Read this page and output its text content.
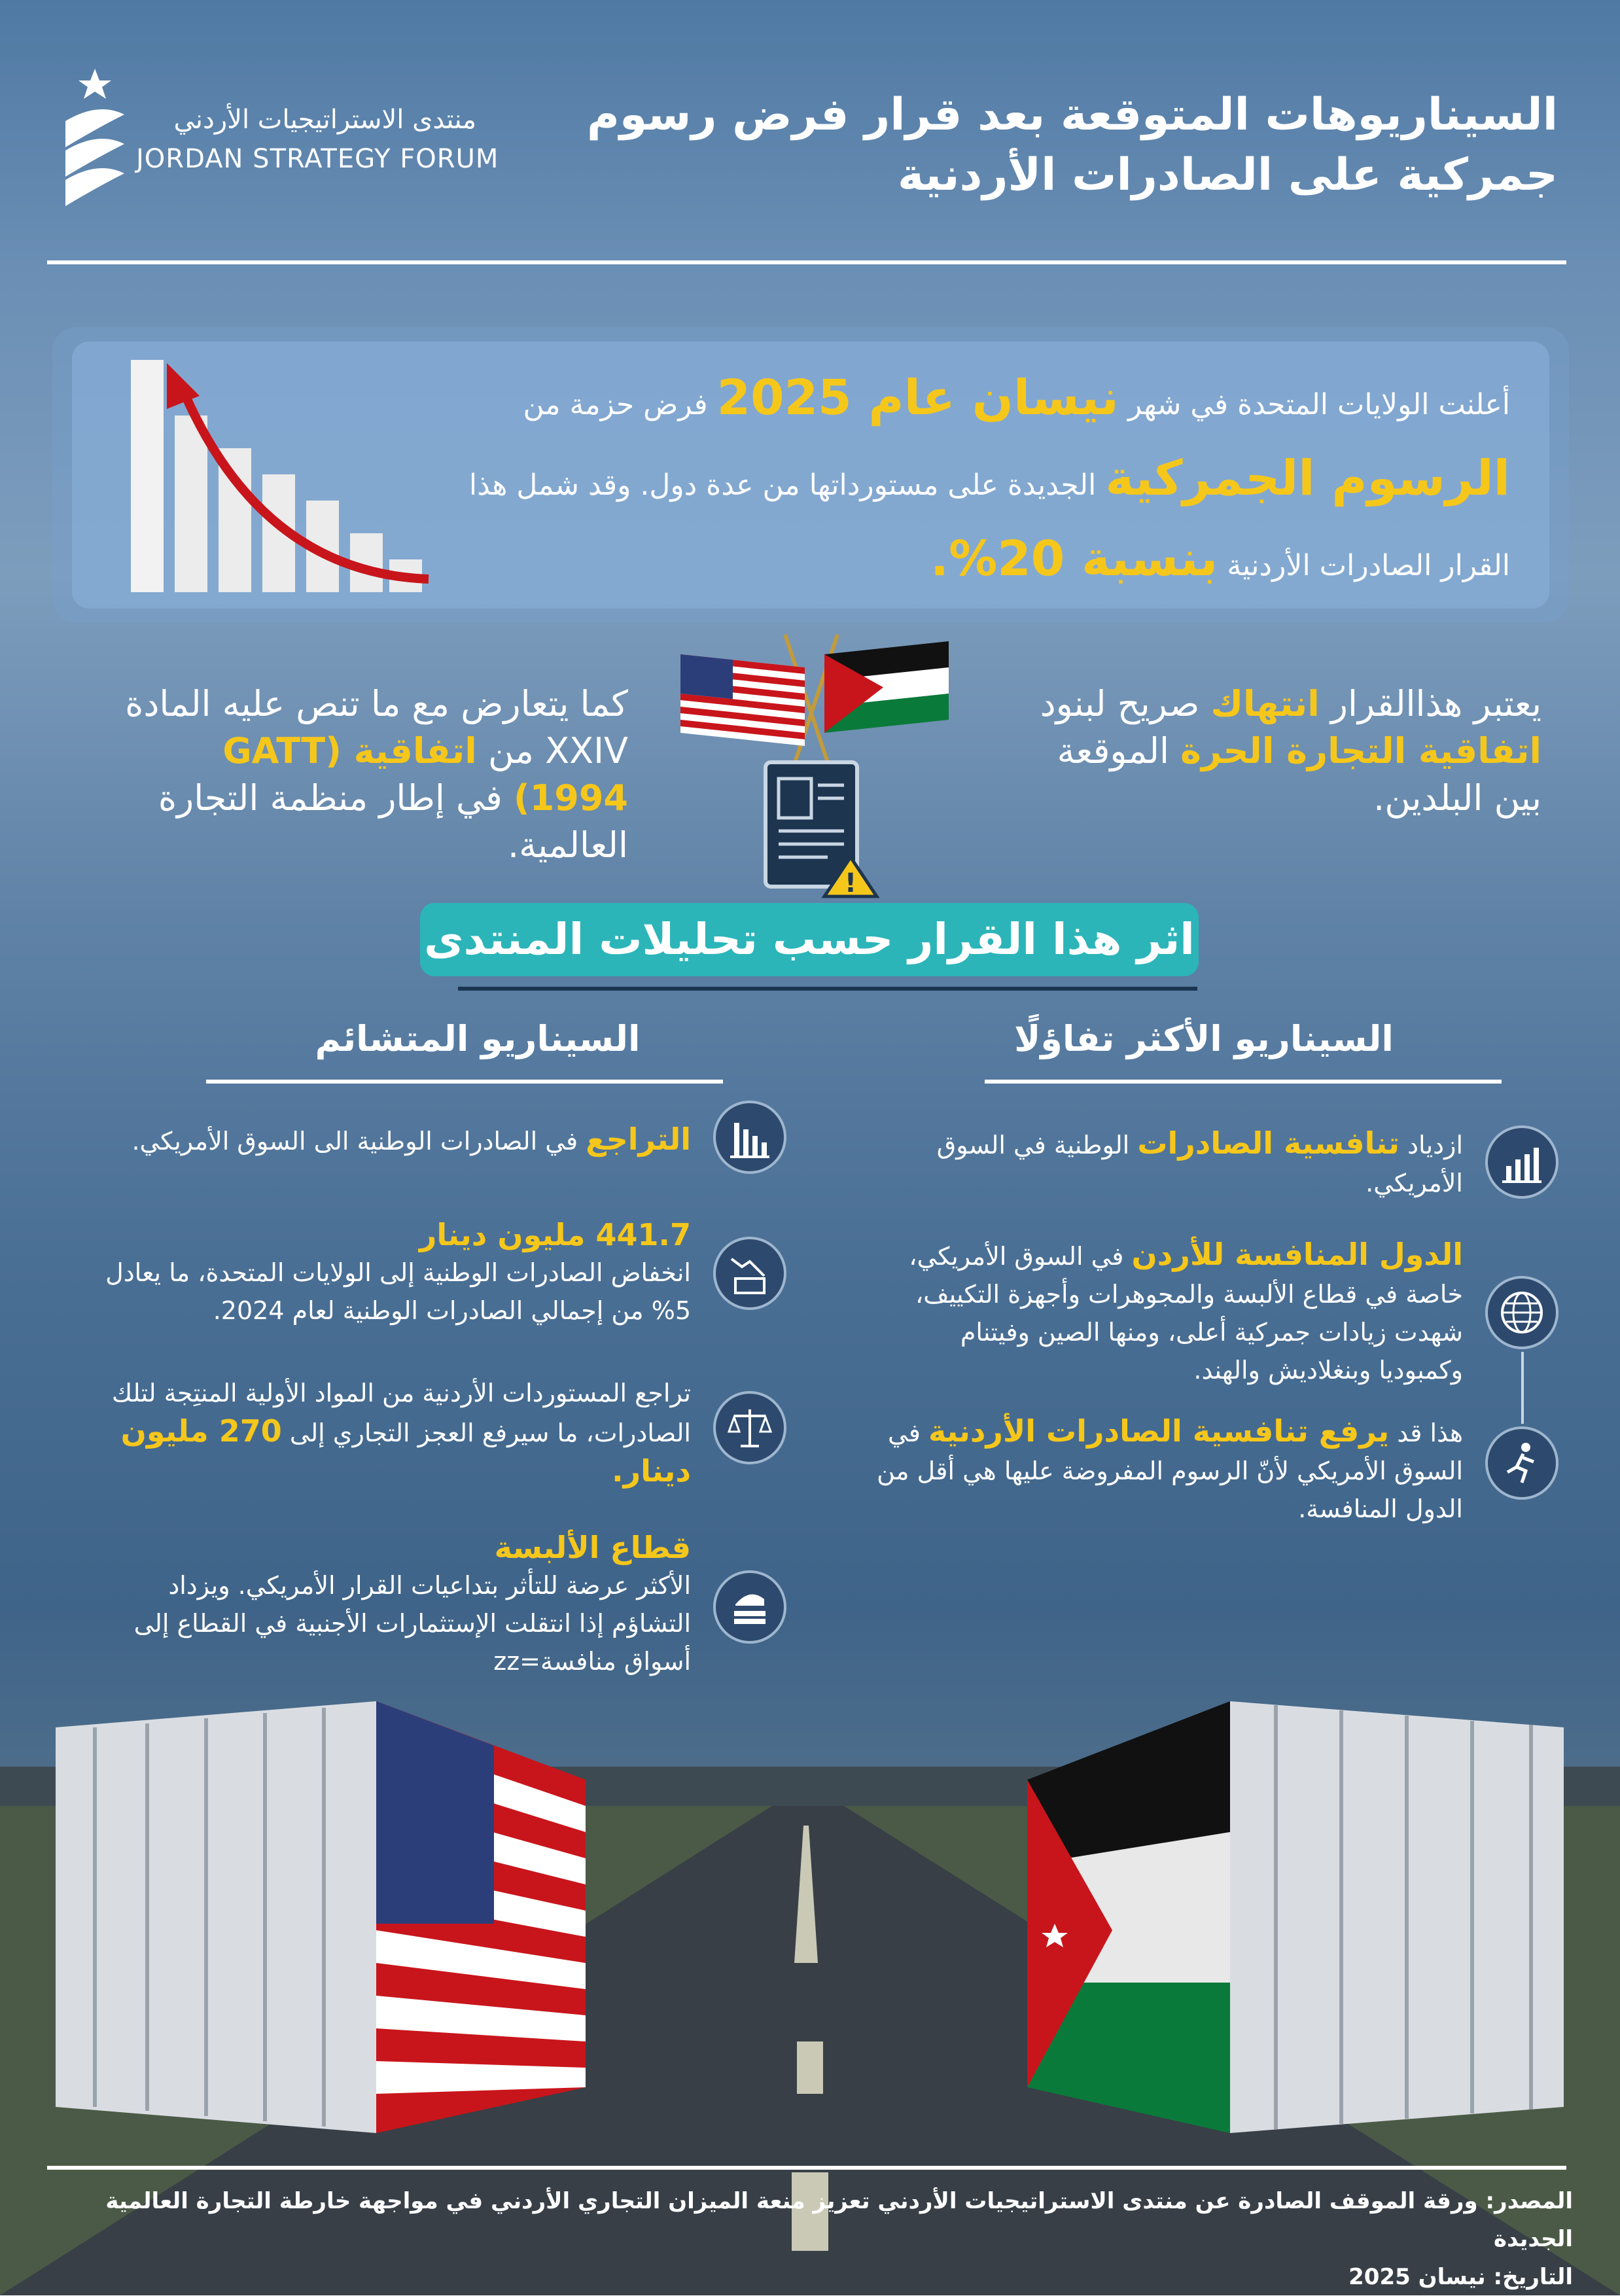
منتدى الاستراتيجيات الأردني
JORDAN STRATEGY FORUM
السيناريوهات المتوقعة بعد قرار فرض رسوم
جمركية على الصادرات الأردنية
أعلنت الولايات المتحدة في شهر نيسان عام 2025 فرض حزمة من
الرسوم الجمركية الجديدة على مستورداتها من عدة دول. وقد شمل هذا
القرار الصادرات الأردنية بنسبة 20%.
يعتبر هذاالقرار انتهاك صريح لبنود اتفاقية التجارة الحرة الموقعة بين البلدين.
كما يتعارض مع ما تنص عليه المادة XXIV من اتفاقية (GATT 1994) في إطار منظمة التجارة العالمية.
!
اثر هذا القرار حسب تحليلات المنتدى
السيناريو الأكثر تفاؤلًا
السيناريو المتشائم
ازدياد تنافسية الصادرات الوطنية في السوق الأمريكي.
الدول المنافسة للأردن في السوق الأمريكي، خاصة في قطاع الألبسة والمجوهرات وأجهزة التكييف، شهدت زيادات جمركية أعلى، ومنها الصين وفيتنام وكمبوديا وبنغلاديش والهند.
هذا قد يرفع تنافسية الصادرات الأردنية في السوق الأمريكي لأنّ الرسوم المفروضة عليها هي أقل من الدول المنافسة.
التراجع في الصادرات الوطنية الى السوق الأمريكي.
441.7 مليون دينار
انخفاض الصادرات الوطنية إلى الولايات المتحدة، ما يعادل 5% من إجمالي الصادرات الوطنية لعام 2024.
تراجع المستوردات الأردنية من المواد الأولية المنتِجة لتلك الصادرات، ما سيرفع العجز التجاري إلى 270 مليون دينار.
قطاع الألبسة
الأكثر عرضة للتأثر بتداعيات القرار الأمريكي. ويزداد التشاؤم إذا انتقلت الإستثمارات الأجنبية في القطاع إلى أسواق منافسة=zz
المصدر: ورقة الموقف الصادرة عن منتدى الاستراتيجيات الأردني تعزيز منعة الميزان التجاري الأردني في مواجهة خارطة التجارة العالمية الجديدة
التاريخ: نيسان 2025
